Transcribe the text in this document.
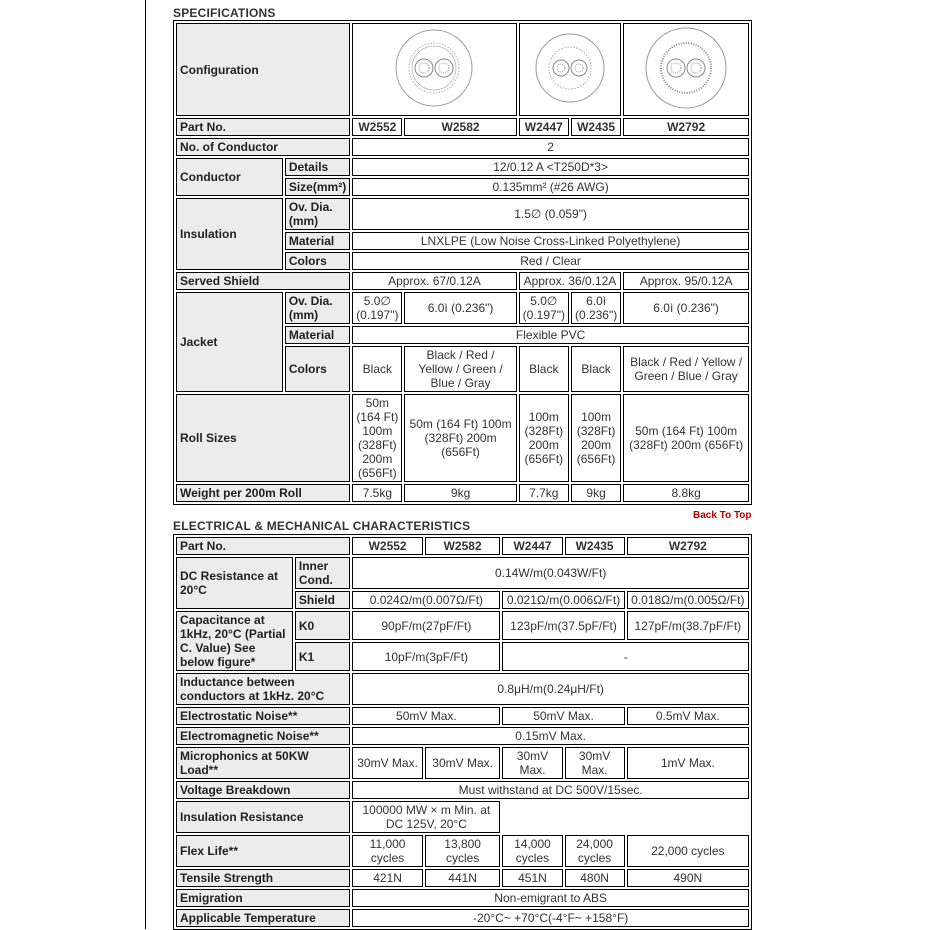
SPECIFICATIONS
Configuration			
Part No.		W2552	W2582	W2447	W2435	W2792
No. of Conductor		2				
Conductor	Details	12/0.12 A <T250D*3>				
	Size(mm²)	0.135mm² (#26 AWG)				
Insulation	Ov. Dia. (mm)	1.5∅ (0.059")				
	Material	LNXLPE (Low Noise Cross-Linked Polyethylene)				
	Colors	Red / Clear				
Served Shield		Approx. 67/0.12A		Approx. 36/0.12A		Approx. 95/0.12A
Jacket	Ov. Dia. (mm)	5.0∅ (0.197")	6.0ì (0.236")	5.0∅ (0.197")	6.0ì (0.236")	6.0ì (0.236")
	Material	Flexible PVC				
	Colors	Black	Black / Red / Yellow / Green / Blue / Gray	Black	Black	Black / Red / Yellow / Green / Blue / Gray
Roll Sizes		50m (164 Ft) 100m (328Ft) 200m (656Ft)	50m (164 Ft) 100m (328Ft) 200m (656Ft)	100m (328Ft) 200m (656Ft)	100m (328Ft) 200m (656Ft)	50m (164 Ft) 100m (328Ft) 200m (656Ft)
Weight per 200m Roll		7.5kg	9kg	7.7kg	9kg	8.8kg
Back To Top
ELECTRICAL & MECHANICAL CHARACTERISTICS
Part No.		W2552	W2582	W2447	W2435	W2792
DC Resistance at 20°C	Inner Cond.	0.14W/m(0.043W/Ft)				
	Shield	0.024Ω/m(0.007Ω/Ft)		0.021Ω/m(0.006Ω/Ft)		0.018Ω/m(0.005Ω/Ft)
Capacitance at 1kHz, 20°C (Partial C. Value) See below figure*	K0	90pF/m(27pF/Ft)		123pF/m(37.5pF/Ft)		127pF/m(38.7pF/Ft)
	K1	10pF/m(3pF/Ft)		-		
Inductance between conductors at 1kHz. 20°C		0.8μH/m(0.24μH/Ft)				
Electrostatic Noise**		50mV Max.		50mV Max.		0.5mV Max.
Electromagnetic Noise**		0.15mV Max.				
Microphonics at 50KW Load**		30mV Max.	30mV Max.	30mV Max.	30mV Max.	1mV Max.
Voltage Breakdown		Must withstand at DC 500V/15sec.				
Insulation Resistance		100000 MW × m Min. at DC 125V, 20°C				
Flex Life**		11,000 cycles	13,800 cycles	14,000 cycles	24,000 cycles	22,000 cycles
Tensile Strength		421N	441N	451N	480N	490N
Emigration		Non-emigrant to ABS				
Applicable Temperature		-20°C~ +70°C(-4°F~ +158°F)				
